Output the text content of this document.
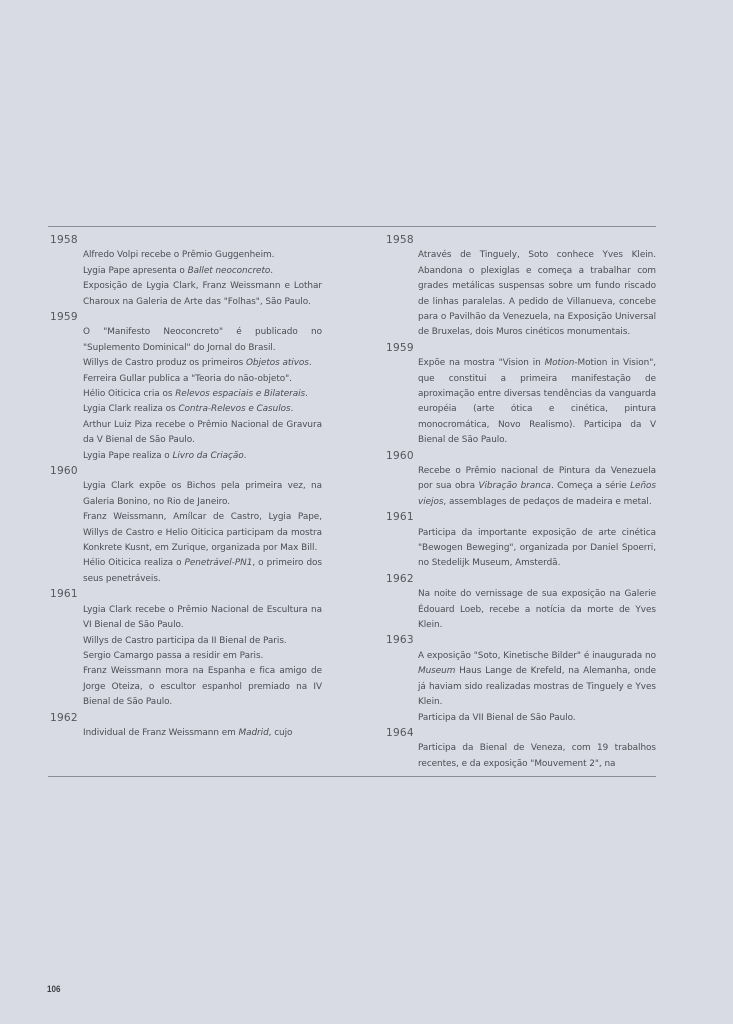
1958
Alfredo Volpi recebe o Prêmio Guggenheim.
Lygia Pape apresenta o Ballet neoconcreto.
Exposição de Lygia Clark, Franz Weissmann e Lothar Charoux na Galeria de Arte das "Folhas", São Paulo.
1959
O "Manifesto Neoconcreto" é publicado no "Suplemento Dominical" do Jornal do Brasil.
Willys de Castro produz os primeiros Objetos ativos.
Ferreira Gullar publica a "Teoria do não-objeto".
Hélio Oiticica cria os Relevos espaciais e Bilaterais.
Lygia Clark realiza os Contra-Relevos e Casulos.
Arthur Luiz Piza recebe o Prêmio Nacional de Gravura da V Bienal de São Paulo.
Lygia Pape realiza o Livro da Criação.
1960
Lygia Clark expõe os Bichos pela primeira vez, na Galeria Bonino, no Rio de Janeiro.
Franz Weissmann, Amílcar de Castro, Lygia Pape, Willys de Castro e Helio Oiticica participam da mostra Konkrete Kusnt, em Zurique, organizada por Max Bill.
Hélio Oiticica realiza o Penetrável-PN1, o primeiro dos seus penetráveis.
1961
Lygia Clark recebe o Prêmio Nacional de Escultura na VI Bienal de São Paulo.
Willys de Castro participa da II Bienal de Paris.
Sergio Camargo passa a residir em Paris.
Franz Weissmann mora na Espanha e fica amigo de Jorge Oteiza, o escultor espanhol premiado na IV Bienal de São Paulo.
1962
Individual de Franz Weissmann em Madrid, cujo
1958
Através de Tinguely, Soto conhece Yves Klein. Abandona o plexiglas e começa a trabalhar com grades metálicas suspensas sobre um fundo riscado de linhas paralelas. A pedido de Villanueva, concebe para o Pavilhão da Venezuela, na Exposição Universal de Bruxelas, dois Muros cinéticos monumentais.
1959
Expõe na mostra "Vision in Motion-Motion in Vision", que constitui a primeira manifestação de aproximação entre diversas tendências da vanguarda européia (arte ótica e cinética, pintura monocromática, Novo Realismo). Participa da V Bienal de São Paulo.
1960
Recebe o Prêmio nacional de Pintura da Venezuela por sua obra Vibração branca. Começa a série Leños viejos, assemblages de pedaços de madeira e metal.
1961
Participa da importante exposição de arte cinética "Bewogen Beweging", organizada por Daniel Spoerri, no Stedelijk Museum, Amsterdã.
1962
Na noite do vernissage de sua exposição na Galerie Édouard Loeb, recebe a notícia da morte de Yves Klein.
1963
A exposição "Soto, Kinetische Bilder" é inaugurada no Museum Haus Lange de Krefeld, na Alemanha, onde já haviam sido realizadas mostras de Tinguely e Yves Klein.
Participa da VII Bienal de São Paulo.
1964
Participa da Bienal de Veneza, com 19 trabalhos recentes, e da exposição "Mouvement 2", na
106
